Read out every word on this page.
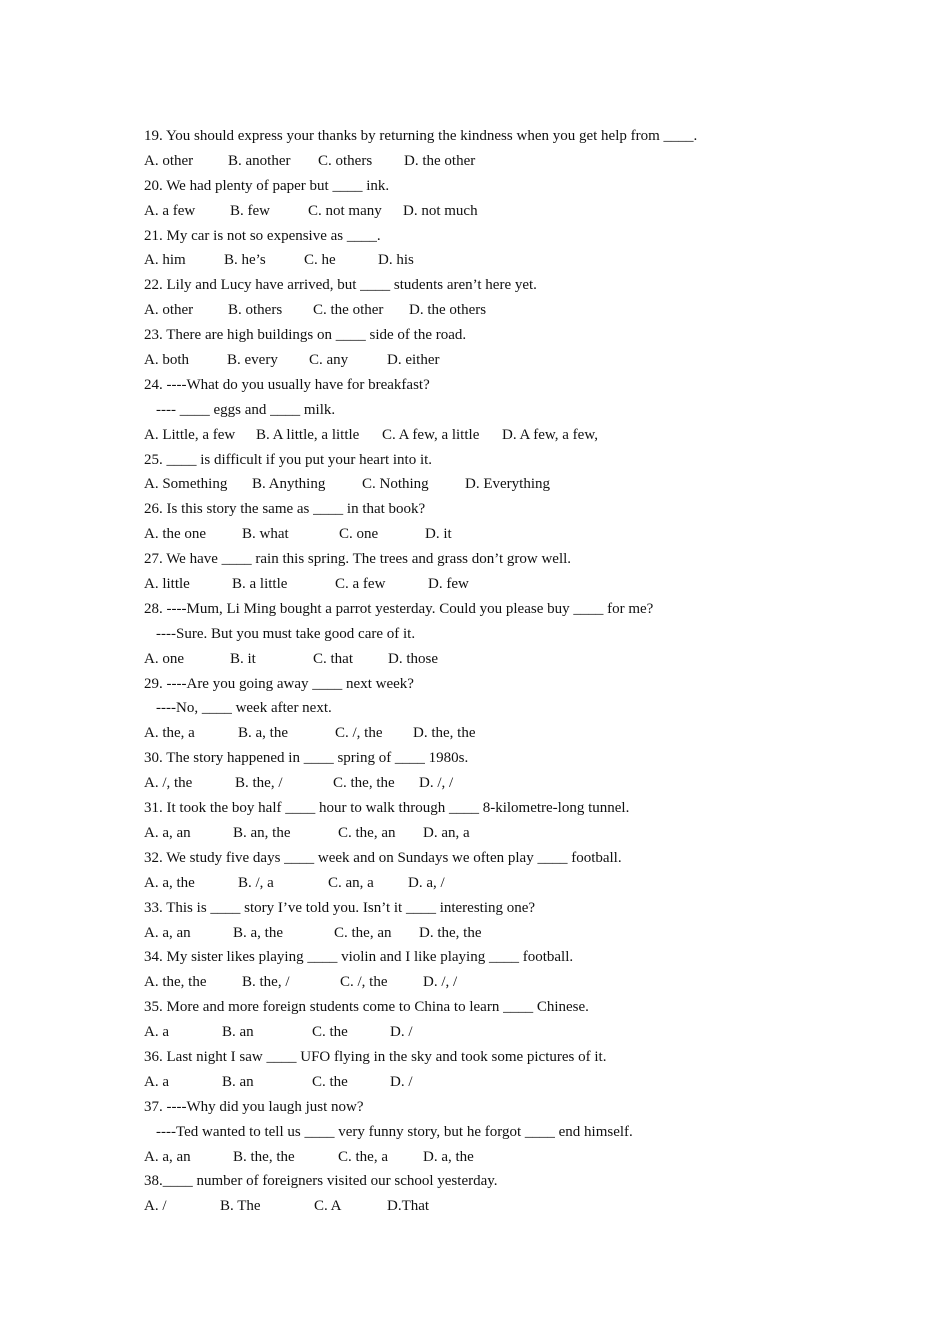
19. You should express your thanks by returning the kindness when you get help from ____.
A. other B. another C. others D. the other
20. We had plenty of paper but ____ ink.
A. a few B. few	C. not many D. not much
21. My car is not so expensive as ____.
A. him	B. he’s	C. he	D. his
22. Lily and Lucy have arrived, but ____ students aren’t here yet.
A. other B. others C. the other D. the others
23. There are high buildings on ____ side of the road.
A. both	B. every C. any	D. either
24. ----What do you usually have for breakfast?
---- ____ eggs and ____ milk.
A. Little, a few B. A little, a little C. A few, a little D. A few, a few,
25. ____ is difficult if you put your heart into it.
A. Something B. Anything C. Nothing D. Everything
26. Is this story the same as ____ in that book?
A. the one B. what	C. one	D. it
27. We have ____ rain this spring. The trees and grass don’t grow well.
A. little	B. a little	C. a few	D. few
28. ----Mum, Li Ming bought a parrot yesterday. Could you please buy ____ for me?
----Sure. But you must take good care of it.
A. one	B. it	C. that D. those
29. ----Are you going away ____ next week?
----No, ____ week after next.
A. the, a	B. a, the	C. /, the D. the, the
30. The story happened in ____ spring of ____ 1980s.
A. /, the	B. the, /	C. the, the D. /, /
31. It took the boy half ____ hour to walk through ____ 8-kilometre-long tunnel.
A. a, an	B. an, the	C. the, an D. an, a
32. We study five days ____ week and on Sundays we often play ____ football.
A. a, the	B. /, a	C. an, a D. a, /
33. This is ____ story I’ve told you. Isn’t it ____ interesting one?
A. a, an	B. a, the	C. the, an D. the, the
34. My sister likes playing ____ violin and I like playing ____ football.
A. the, the B. the, /	C. /, the D. /, /
35. More and more foreign students come to China to learn ____ Chinese.
A. a	B. an	C. the	D. /
36. Last night I saw ____ UFO flying in the sky and took some pictures of it.
A. a	B. an	C. the	D. /
37. ----Why did you laugh just now?
----Ted wanted to tell us ____ very funny story, but he forgot ____ end himself.
A. a, an	B. the, the	C. the, a D. a, the
38.____ number of foreigners visited our school yesterday.
A. /	B. The	C. A	D.That
